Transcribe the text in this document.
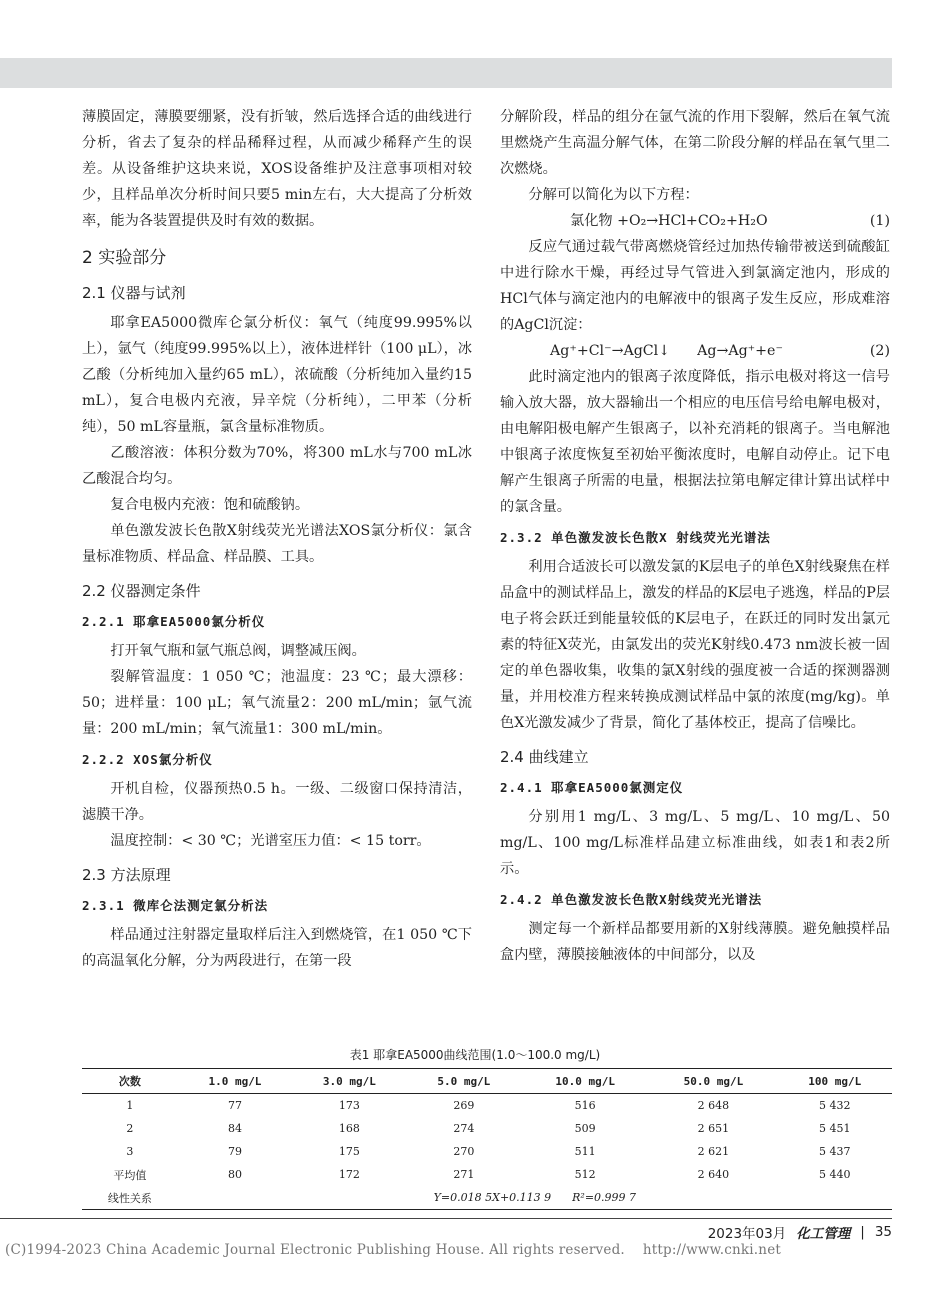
薄膜固定，薄膜要绷紧，没有折皱，然后选择合适的曲线进行分析，省去了复杂的样品稀释过程，从而减少稀释产生的误差。从设备维护这块来说，XOS设备维护及注意事项相对较少，且样品单次分析时间只要5 min左右，大大提高了分析效率，能为各装置提供及时有效的数据。

2 实验部分
2.1 仪器与试剂

耶拿EA5000微库仑氯分析仪：氧气（纯度99.995%以上），氩气（纯度99.995%以上），液体进样针（100 μL），冰乙酸（分析纯加入量约65 mL），浓硫酸（分析纯加入量约15 mL），复合电极内充液，异辛烷（分析纯），二甲苯（分析纯），50 mL容量瓶，氯含量标准物质。

乙酸溶液：体积分数为70%，将300 mL水与700 mL冰乙酸混合均匀。

复合电极内充液：饱和硫酸钠。

单色激发波长色散X射线荧光光谱法XOS氯分析仪：氯含量标准物质、样品盒、样品膜、工具。

2.2 仪器测定条件
2.2.1 耶拿EA5000氯分析仪

打开氧气瓶和氩气瓶总阀，调整减压阀。

裂解管温度：1 050 ℃；池温度：23 ℃；最大漂移：50；进样量：100 μL；氧气流量2：200 mL/min；氩气流量：200 mL/min；氧气流量1：300 mL/min。

2.2.2 XOS氯分析仪

开机自检，仪器预热0.5 h。一级、二级窗口保持清洁，滤膜干净。

温度控制：< 30 ℃；光谱室压力值：< 15 torr。

2.3 方法原理
2.3.1 微库仑法测定氯分析法

样品通过注射器定量取样后注入到燃烧管，在1 050 ℃下的高温氧化分解，分为两段进行，在第一段

分解阶段，样品的组分在氩气流的作用下裂解，然后在氧气流里燃烧产生高温分解气体，在第二阶段分解的样品在氧气里二次燃烧。

分解可以简化为以下方程：

氯化物 +O₂→HCl+CO₂+H₂O	(1)

反应气通过载气带离燃烧管经过加热传输带被送到硫酸缸中进行除水干燥，再经过导气管进入到氯滴定池内，形成的HCl气体与滴定池内的电解液中的银离子发生反应，形成难溶的AgCl沉淀：

Ag⁺+Cl⁻→AgCl↓      Ag→Ag⁺+e⁻	(2)

此时滴定池内的银离子浓度降低，指示电极对将这一信号输入放大器，放大器输出一个相应的电压信号给电解电极对，由电解阳极电解产生银离子，以补充消耗的银离子。当电解池中银离子浓度恢复至初始平衡浓度时，电解自动停止。记下电解产生银离子所需的电量，根据法拉第电解定律计算出试样中的氯含量。

2.3.2 单色激发波长色散X 射线荧光光谱法

利用合适波长可以激发氯的K层电子的单色X射线聚焦在样品盒中的测试样品上，激发的样品的K层电子逃逸，样品的P层电子将会跃迁到能量较低的K层电子，在跃迁的同时发出氯元素的特征X荧光，由氯发出的荧光K射线0.473 nm波长被一固定的单色器收集，收集的氯X射线的强度被一合适的探测器测量，并用校准方程来转换成测试样品中氯的浓度(mg/kg)。单色X光激发减少了背景，简化了基体校正，提高了信噪比。

2.4 曲线建立
2.4.1 耶拿EA5000氯测定仪

分别用1 mg/L、3 mg/L、5 mg/L、10 mg/L、50 mg/L、100 mg/L标准样品建立标准曲线，如表1和表2所示。

2.4.2 单色激发波长色散X射线荧光光谱法

测定每一个新样品都要用新的X射线薄膜。避免触摸样品盒内壁，薄膜接触液体的中间部分，以及

表1 耶拿EA5000曲线范围(1.0～100.0 mg/L)
次数	1.0 mg/L	3.0 mg/L	5.0 mg/L	10.0 mg/L	50.0 mg/L	100 mg/L
1	77	173	269	516	2 648	5 432
2	84	168	274	509	2 651	5 451
3	79	175	270	511	2 621	5 437
平均值	80	172	271	512	2 640	5 440
线性关系	Y=0.018 5X+0.113 9      R²=0.999 7					
2023年03月 化工管理 | 35
(C)1994-2023 China Academic Journal Electronic Publishing House. All rights reserved.    http://www.cnki.net
